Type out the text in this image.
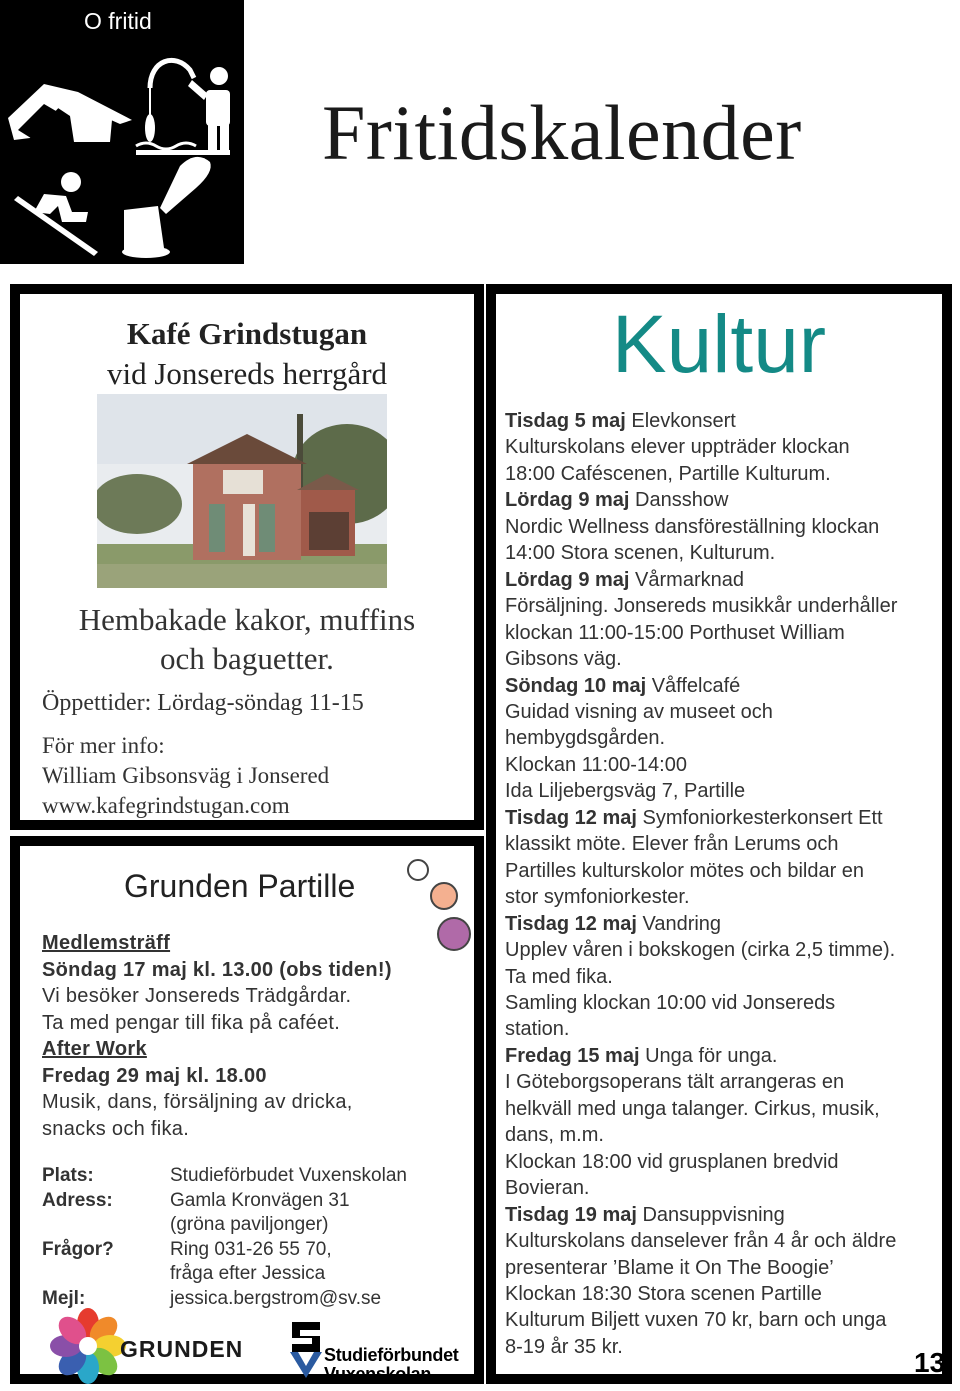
O fritid
Fritidskalender
Kafé Grindstugan
vid Jonsereds herrgård
Hembakade kakor, muffins
och baguetter.
Öppettider: Lördag-söndag 11-15
För mer info:
William Gibsonsväg i Jonsered
www.kafegrindstugan.com
Grunden Partille
Medlemsträff
Söndag 17 maj kl. 13.00 (obs tiden!)
Vi besöker Jonsereds Trädgårdar.
Ta med pengar till fika på caféet.
After Work
Fredag 29 maj kl. 18.00
Musik, dans, försäljning av dricka,
snacks och fika.
Plats:	Studieförbudet Vuxenskolan
Adress:	Gamla Kronvägen 31
(gröna paviljonger)
Frågor?	Ring 031-26 55 70,
fråga efter Jessica
Mejl:	jessica.bergstrom@sv.se
GRUNDEN	Studieförbundet
Vuxenskolan
Kultur
Tisdag 5 maj Elevkonsert
Kulturskolans elever uppträder klockan
18:00 Caféscenen, Partille Kulturum.
Lördag 9 maj Dansshow
Nordic Wellness dansföreställning klockan
14:00 Stora scenen, Kulturum.
Lördag 9 maj Vårmarknad
Försäljning. Jonsereds musikkår underhåller
klockan 11:00-15:00 Porthuset William
Gibsons väg.
Söndag 10 maj Våffelcafé
Guidad visning av museet och
hembygdsgården.
Klockan 11:00-14:00
Ida Liljebergsväg 7, Partille
Tisdag 12 maj Symfoniorkesterkonsert Ett
klassikt möte. Elever från Lerums och
Partilles kulturskolor mötes och bildar en
stor symfoniorkester.
Tisdag 12 maj Vandring
Upplev våren i bokskogen (cirka 2,5 timme).
Ta med fika.
Samling klockan 10:00 vid Jonsereds
station.
Fredag 15 maj Unga för unga.
I Göteborgsoperans tält arrangeras en
helkväll med unga talanger. Cirkus, musik,
dans, m.m.
Klockan 18:00 vid grusplanen bredvid
Bovieran.
Tisdag 19 maj Dansuppvisning
Kulturskolans danselever från 4 år och äldre
presenterar ’Blame it On The Boogie’
Klockan 18:30 Stora scenen Partille
Kulturum Biljett vuxen 70 kr, barn och unga
8-19 år 35 kr.
13
